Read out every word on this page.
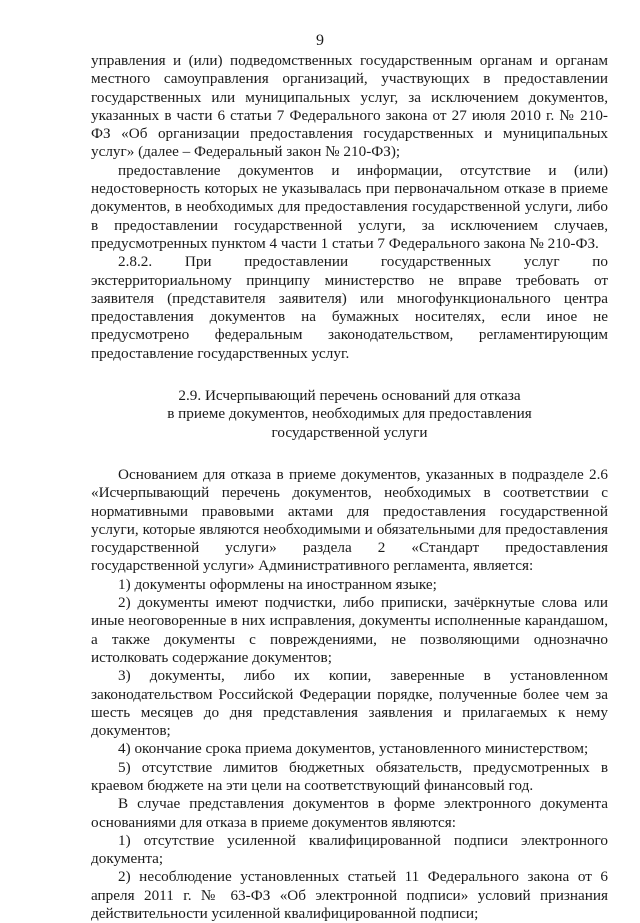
9

управления и (или) подведомственных государственным органам и органам местного самоуправления организаций, участвующих в предоставлении государственных или муниципальных услуг, за исключением документов, указанных в части 6 статьи 7 Федерального закона от 27 июля 2010 г. № 210-ФЗ «Об организации предоставления государственных и муниципальных услуг» (далее – Федеральный закон № 210-ФЗ);

предоставление документов и информации, отсутствие и (или) недостоверность которых не указывалась при первоначальном отказе в приеме документов, в необходимых для предоставления государственной услуги, либо в предоставлении государственной услуги, за исключением случаев, предусмотренных пунктом 4 части 1 статьи 7 Федерального закона № 210-ФЗ.

2.8.2. При предоставлении государственных услуг по экстерриториальному принципу министерство не вправе требовать от заявителя (представителя заявителя) или многофункционального центра предоставления документов на бумажных носителях, если иное не предусмотрено федеральным законодательством, регламентирующим предоставление государственных услуг.

2.9. Исчерпывающий перечень оснований для отказа
в приеме документов, необходимых для предоставления
государственной услуги

Основанием для отказа в приеме документов, указанных в подразделе 2.6 «Исчерпывающий перечень документов, необходимых в соответствии с нормативными правовыми актами для предоставления государственной услуги, которые являются необходимыми и обязательными для предоставления государственной услуги» раздела 2 «Стандарт предоставления государственной услуги» Административного регламента, является:

1) документы оформлены на иностранном языке;

2) документы имеют подчистки, либо приписки, зачёркнутые слова или иные неоговоренные в них исправления, документы исполненные карандашом, а также документы с повреждениями, не позволяющими однозначно истолковать содержание документов;

3) документы, либо их копии, заверенные в установленном законодательством Российской Федерации порядке, полученные более чем за шесть месяцев до дня представления заявления и прилагаемых к нему документов;

4) окончание срока приема документов, установленного министерством;

5) отсутствие лимитов бюджетных обязательств, предусмотренных в краевом бюджете на эти цели на соответствующий финансовый год.

В случае представления документов в форме электронного документа основаниями для отказа в приеме документов являются:

1) отсутствие усиленной квалифицированной подписи электронного документа;

2) несоблюдение установленных статьей 11 Федерального закона от 6 апреля 2011 г. № 63-ФЗ «Об электронной подписи» условий признания действительности усиленной квалифицированной подписи;
